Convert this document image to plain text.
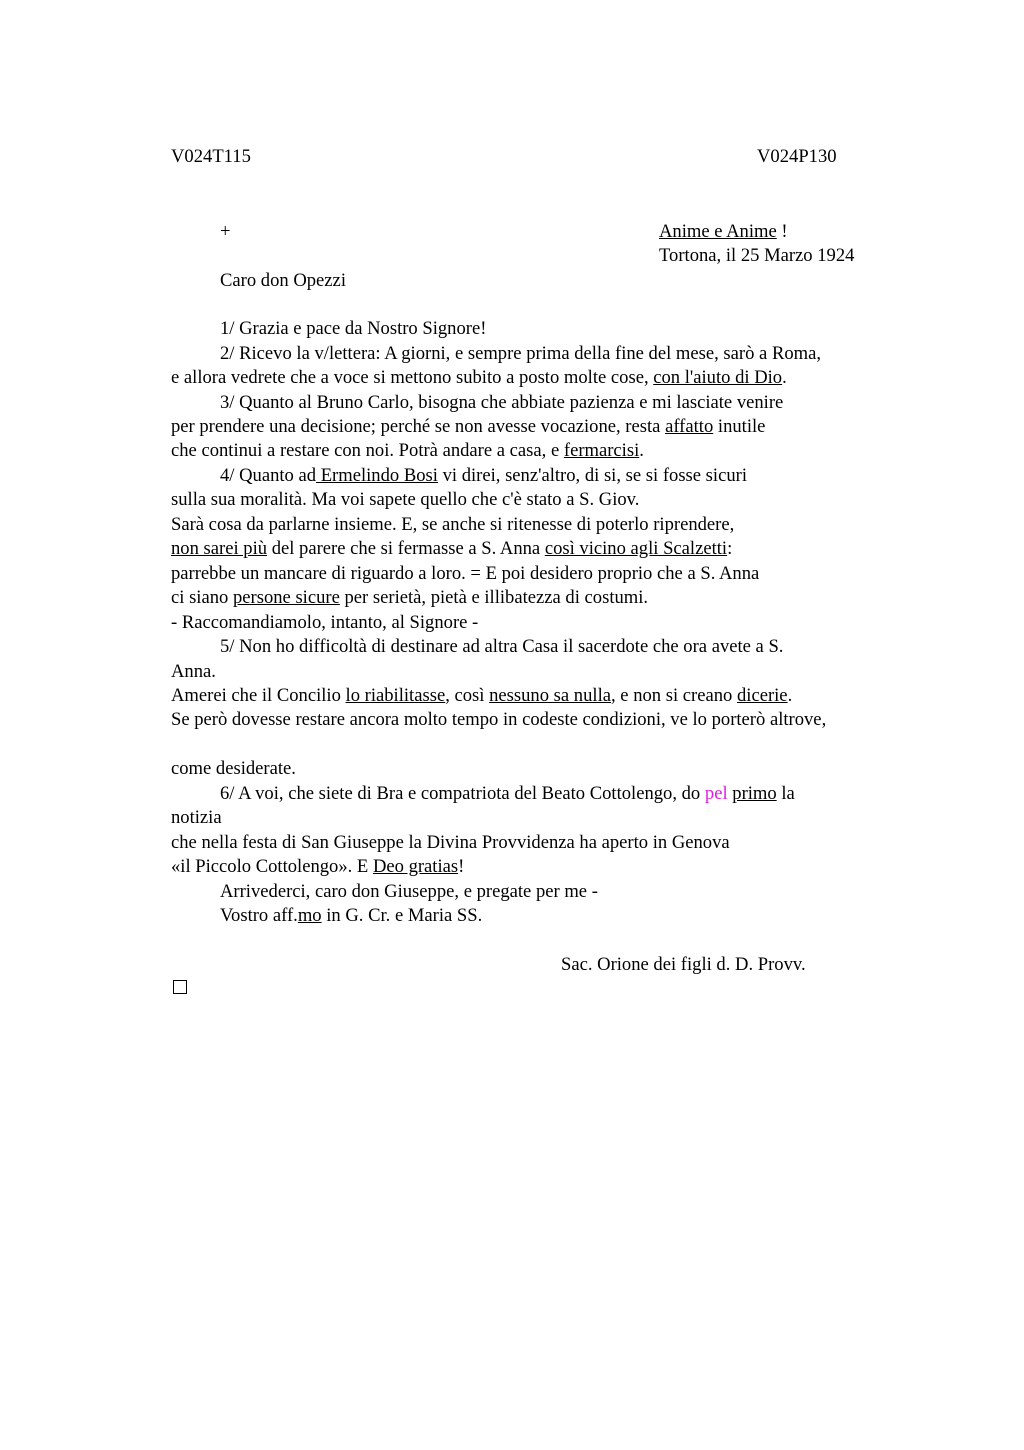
V024T115	V024P130
+	Anime e Anime !
Tortona, il 25 Marzo 1924
Caro don Opezzi
1/ Grazia e pace da Nostro Signore!
2/ Ricevo la v/lettera: A giorni, e sempre prima della fine del mese, sarò a Roma,
e allora vedrete che a voce si mettono subito a posto molte cose, con l'aiuto di Dio.
3/ Quanto al Bruno Carlo, bisogna che abbiate pazienza e mi lasciate venire
per prendere una decisione; perché se non avesse vocazione, resta affatto inutile
che continui a restare con noi. Potrà andare a casa, e fermarcisi.
4/ Quanto ad Ermelindo Bosi vi direi, senz'altro, di si, se si fosse sicuri
sulla sua moralità. Ma voi sapete quello che c'è stato a S. Giov.
Sarà cosa da parlarne insieme. E, se anche si ritenesse di poterlo riprendere,
non sarei più del parere che si fermasse a S. Anna così vicino agli Scalzetti:
parrebbe un mancare di riguardo a loro. = E poi desidero proprio che a S. Anna
ci siano persone sicure per serietà, pietà e illibatezza di costumi.
- Raccomandiamolo, intanto, al Signore -
5/ Non ho difficoltà di destinare ad altra Casa il sacerdote che ora avete a S.
Anna.
Amerei che il Concilio lo riabilitasse, così nessuno sa nulla, e non si creano dicerie.
Se però dovesse restare ancora molto tempo in codeste condizioni, ve lo porterò altrove,
come desiderate.
6/ A voi, che siete di Bra e compatriota del Beato Cottolengo, do pel primo la
notizia
che nella festa di San Giuseppe la Divina Provvidenza ha aperto in Genova
«il Piccolo Cottolengo». E Deo gratias!
Arrivederci, caro don Giuseppe, e pregate per me -
Vostro aff.mo in G. Cr. e Maria SS.
Sac. Orione dei figli d. D. Provv.
